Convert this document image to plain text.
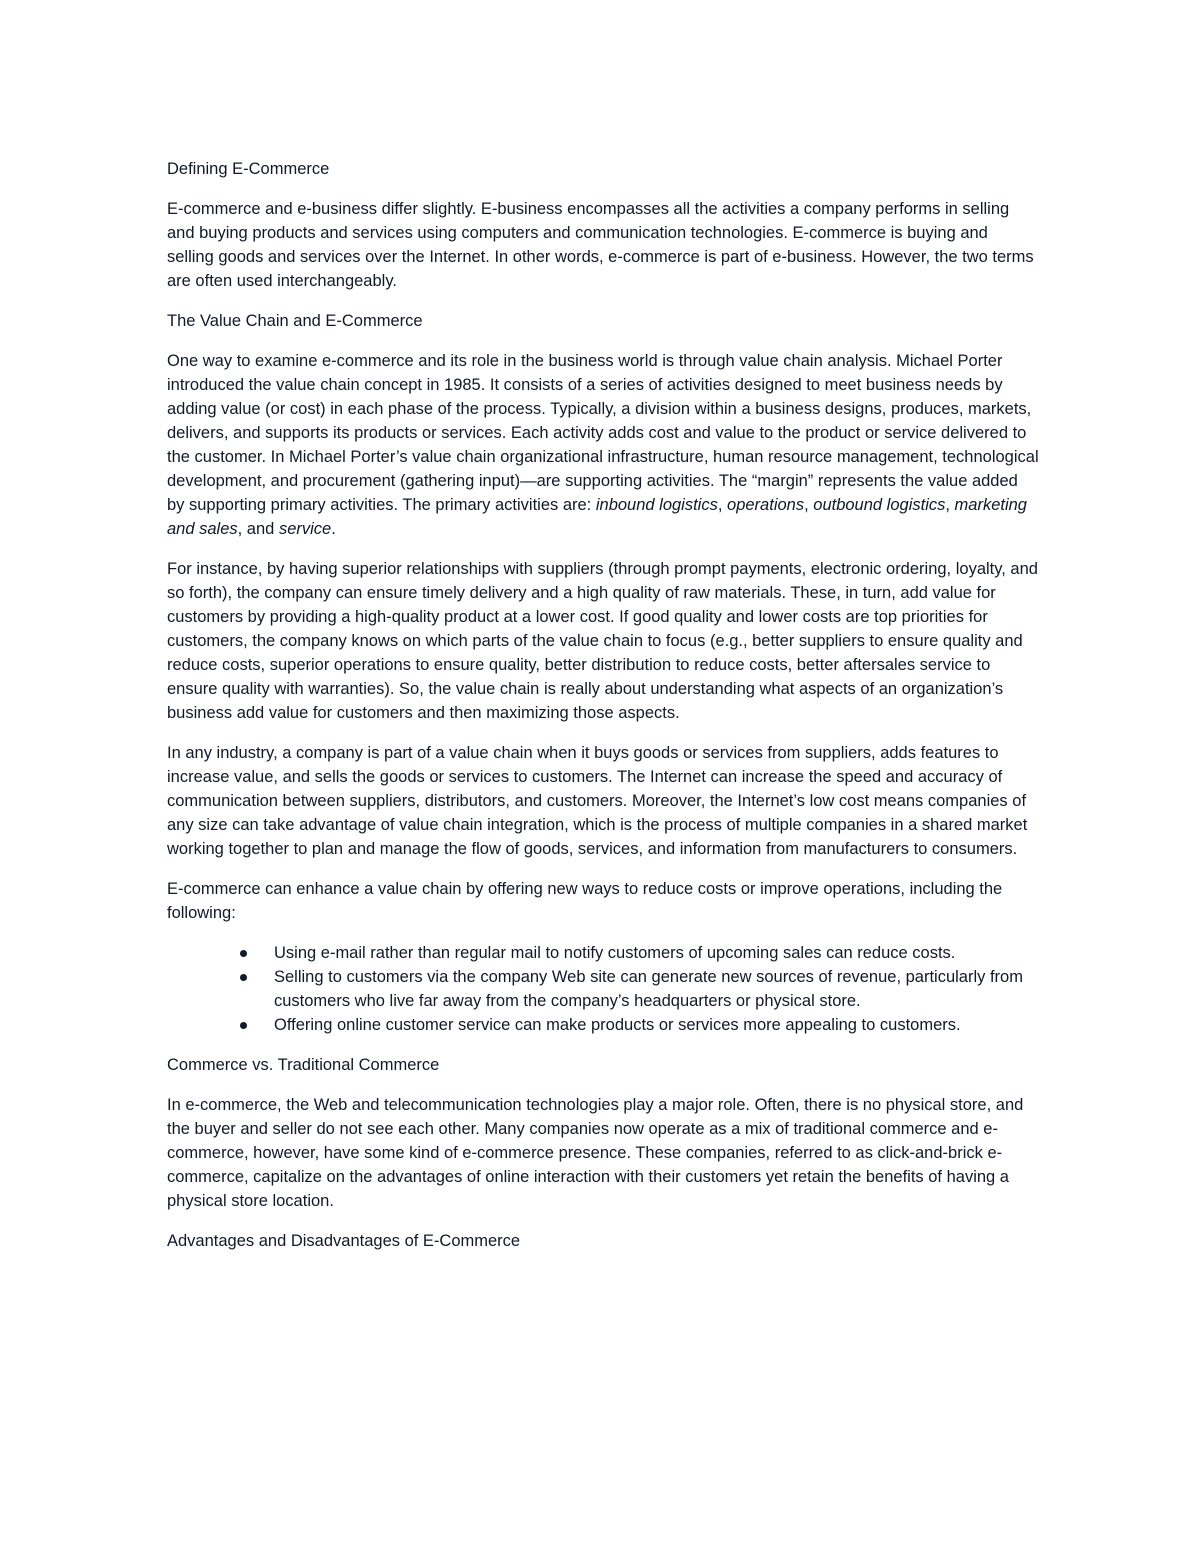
Defining E-Commerce

E-commerce and e-business differ slightly. E-business encompasses all the activities a company performs in selling and buying products and services using computers and communication technologies. E-commerce is buying and selling goods and services over the Internet. In other words, e-commerce is part of e-business. However, the two terms are often used interchangeably.

The Value Chain and E-Commerce

One way to examine e-commerce and its role in the business world is through value chain analysis. Michael Porter introduced the value chain concept in 1985. It consists of a series of activities designed to meet business needs by adding value (or cost) in each phase of the process. Typically, a division within a business designs, produces, markets, delivers, and supports its products or services. Each activity adds cost and value to the product or service delivered to the customer. In Michael Porter’s value chain organizational infrastructure, human resource management, technological development, and procurement (gathering input)—are supporting activities. The “margin” represents the value added by supporting primary activities. The primary activities are: inbound logistics, operations, outbound logistics, marketing and sales, and service.

For instance, by having superior relationships with suppliers (through prompt payments, electronic ordering, loyalty, and so forth), the company can ensure timely delivery and a high quality of raw materials. These, in turn, add value for customers by providing a high-quality product at a lower cost. If good quality and lower costs are top priorities for customers, the company knows on which parts of the value chain to focus (e.g., better suppliers to ensure quality and reduce costs, superior operations to ensure quality, better distribution to reduce costs, better aftersales service to ensure quality with warranties). So, the value chain is really about understanding what aspects of an organization’s business add value for customers and then maximizing those aspects.

In any industry, a company is part of a value chain when it buys goods or services from suppliers, adds features to increase value, and sells the goods or services to customers. The Internet can increase the speed and accuracy of communication between suppliers, distributors, and customers. Moreover, the Internet’s low cost means companies of any size can take advantage of value chain integration, which is the process of multiple companies in a shared market working together to plan and manage the flow of goods, services, and information from manufacturers to consumers.

E-commerce can enhance a value chain by offering new ways to reduce costs or improve operations, including the following:

Using e-mail rather than regular mail to notify customers of upcoming sales can reduce costs.
Selling to customers via the company Web site can generate new sources of revenue, particularly from customers who live far away from the company’s headquarters or physical store.
Offering online customer service can make products or services more appealing to customers.
Commerce vs. Traditional Commerce

In e-commerce, the Web and telecommunication technologies play a major role. Often, there is no physical store, and the buyer and seller do not see each other. Many companies now operate as a mix of traditional commerce and e-commerce, however, have some kind of e-commerce presence. These companies, referred to as click-and-brick e-commerce, capitalize on the advantages of online interaction with their customers yet retain the benefits of having a physical store location.

Advantages and Disadvantages of E-Commerce
